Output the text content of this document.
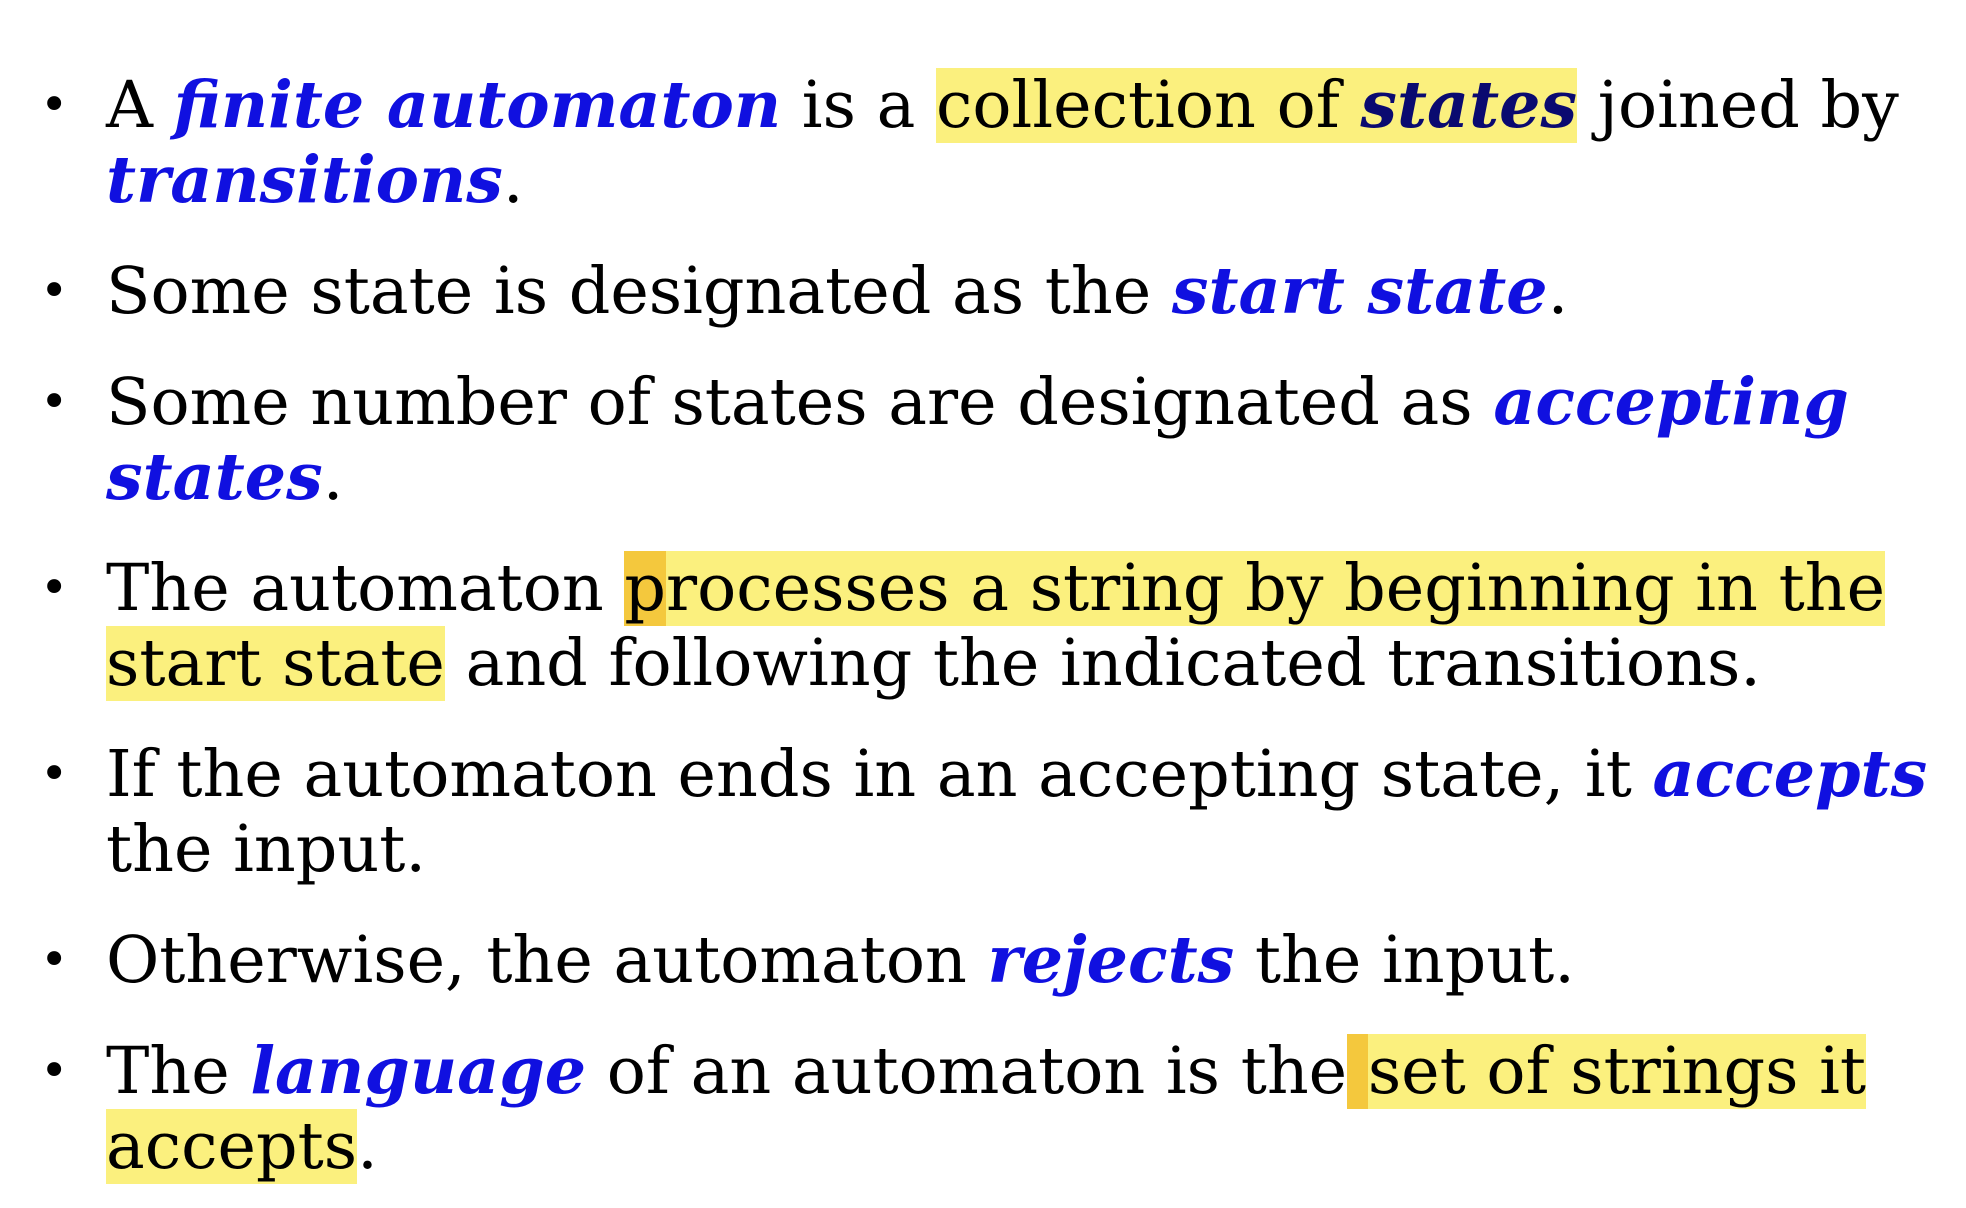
• A finite automaton is a collection of states joined by
transitions.
• Some state is designated as the start state.
• Some number of states are designated as accepting
states.
• The automaton processes a string by beginning in the
start state and following the indicated transitions.
• If the automaton ends in an accepting state, it accepts
the input.
• Otherwise, the automaton rejects the input.
• The language of an automaton is the set of strings it
accepts.
